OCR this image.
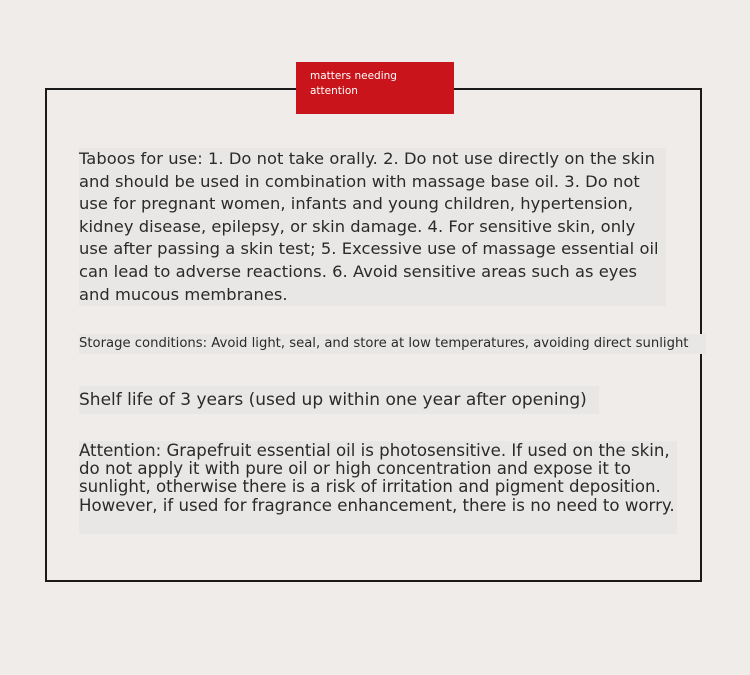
matters needing attention

Taboos for use: 1. Do not take orally. 2. Do not use directly on the skin and should be used in combination with massage base oil. 3. Do not use for pregnant women, infants and young children, hypertension, kidney disease, epilepsy, or skin damage. 4. For sensitive skin, only use after passing a skin test; 5. Excessive use of massage essential oil can lead to adverse reactions. 6. Avoid sensitive areas such as eyes and mucous membranes.

Storage conditions: Avoid light, seal, and store at low temperatures, avoiding direct sunlight

Shelf life of 3 years (used up within one year after opening)

Attention: Grapefruit essential oil is photosensitive. If used on the skin, do not apply it with pure oil or high concentration and expose it to sunlight, otherwise there is a risk of irritation and pigment deposition. However, if used for fragrance enhancement, there is no need to worry.
